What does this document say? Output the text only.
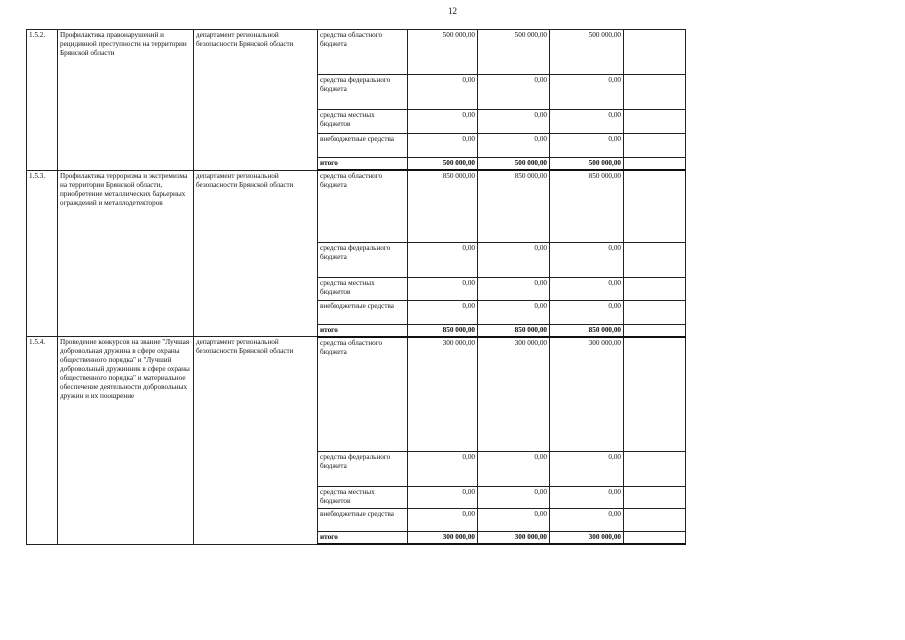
12
1.5.2.	Профилактика правонарушений и рецидивной преступности на территории Брянской области	департамент региональной безопасности Брянской области	средства областного бюджета	500 000,00	500 000,00	500 000,00	
			средства федерального бюджета	0,00	0,00	0,00	
			средства местных бюджетов	0,00	0,00	0,00	
			внебюджетные средства	0,00	0,00	0,00	
			итого	500 000,00	500 000,00	500 000,00	
1.5.3.	Профилактика терроризма и экстремизма на территории Брянской области, приобретение металлических барьерных ограждений и металлодетекторов	департамент региональной безопасности Брянской области	средства областного бюджета	850 000,00	850 000,00	850 000,00	
			средства федерального бюджета	0,00	0,00	0,00	
			средства местных бюджетов	0,00	0,00	0,00	
			внебюджетные средства	0,00	0,00	0,00	
			итого	850 000,00	850 000,00	850 000,00	
1.5.4.	Проведение конкурсов на звание "Лучшая добровольная дружина в сфере охраны общественного порядка" и "Лучший добровольный дружинник в сфере охраны общественного порядка" и материальное обеспечение деятельности добровольных дружин и их поощрение	департамент региональной безопасности Брянской области	средства областного бюджета	300 000,00	300 000,00	300 000,00	
			средства федерального бюджета	0,00	0,00	0,00	
			средства местных бюджетов	0,00	0,00	0,00	
			внебюджетные средства	0,00	0,00	0,00	
			итого	300 000,00	300 000,00	300 000,00	
